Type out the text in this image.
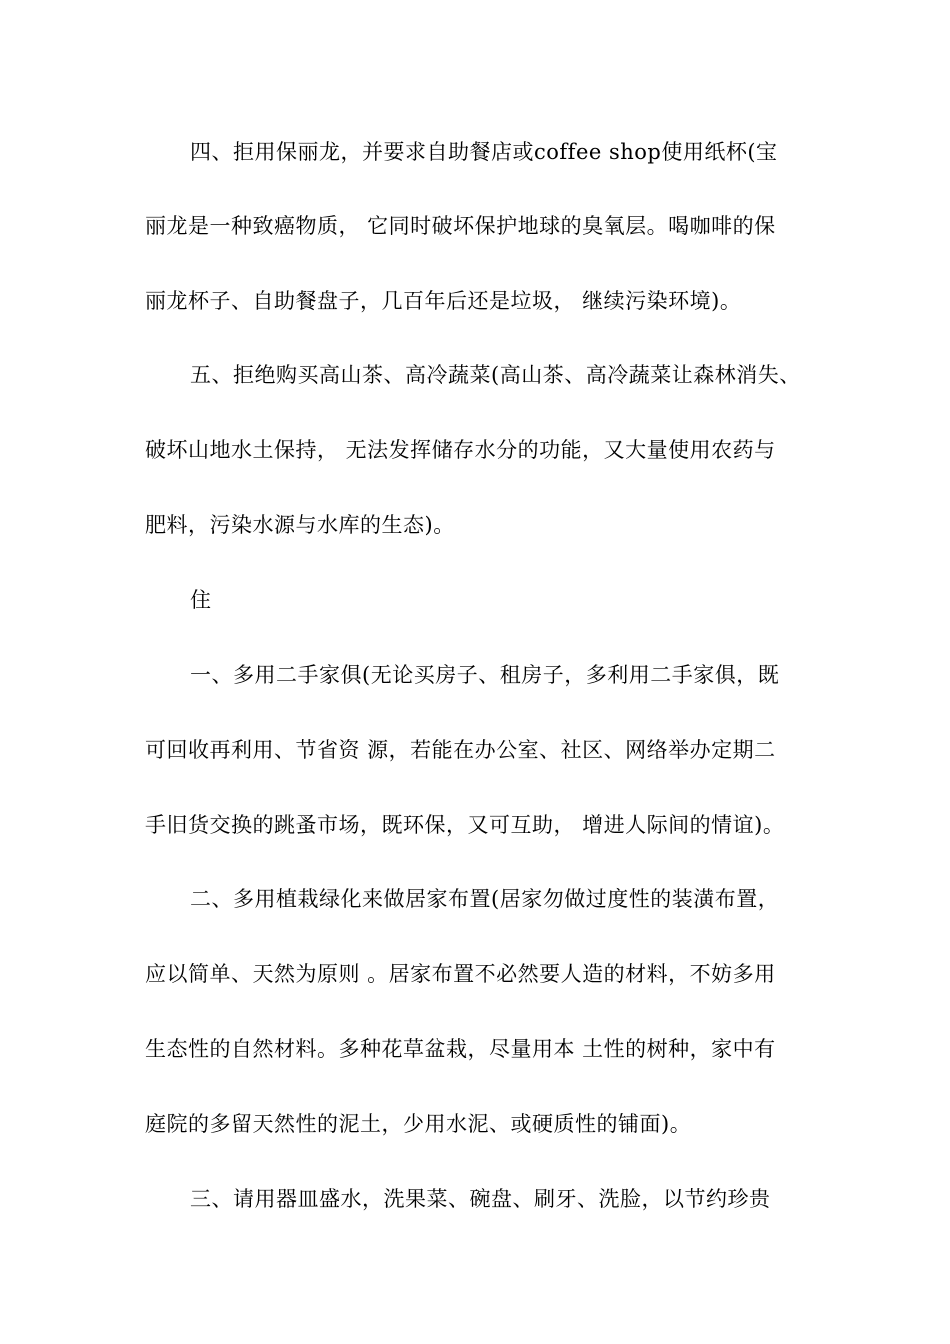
四、拒用保丽龙，并要求自助餐店或coffee shop使用纸杯(宝
丽龙是一种致癌物质， 它同时破坏保护地球的臭氧层。喝咖啡的保
丽龙杯子、自助餐盘子，几百年后还是垃圾， 继续污染环境)。
五、拒绝购买高山茶、高冷蔬菜(高山茶、高冷蔬菜让森林消失、
破坏山地水土保持， 无法发挥储存水分的功能，又大量使用农药与
肥料，污染水源与水库的生态)。
住
一、多用二手家俱(无论买房子、租房子，多利用二手家俱，既
可回收再利用、节省资 源，若能在办公室、社区、网络举办定期二
手旧货交换的跳蚤市场，既环保，又可互助， 增进人际间的情谊)。
二、多用植栽绿化来做居家布置(居家勿做过度性的装潢布置，
应以简单、天然为原则 。居家布置不必然要人造的材料，不妨多用
生态性的自然材料。多种花草盆栽，尽量用本 土性的树种，家中有
庭院的多留天然性的泥土，少用水泥、或硬质性的铺面)。
三、请用器皿盛水，洗果菜、碗盘、刷牙、洗脸，以节约珍贵
